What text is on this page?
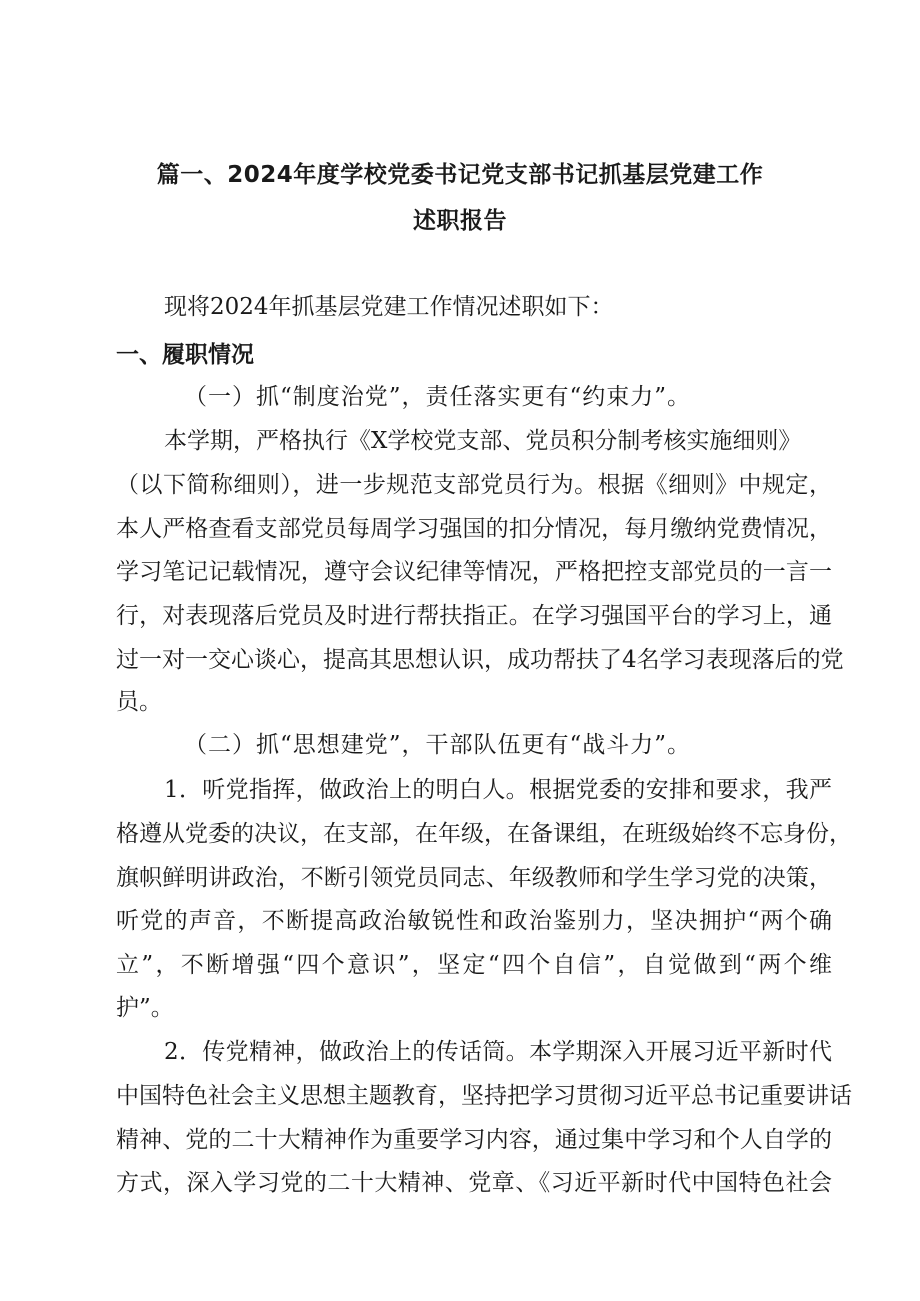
篇一、2024年度学校党委书记党支部书记抓基层党建工作
述职报告
现将2024年抓基层党建工作情况述职如下：
一、履职情况
（一）抓“制度治党”，责任落实更有“约束力”。
本学期，严格执行《X学校党支部、党员积分制考核实施细则》
（以下简称细则），进一步规范支部党员行为。根据《细则》中规定，
本人严格查看支部党员每周学习强国的扣分情况，每月缴纳党费情况，
学习笔记记载情况，遵守会议纪律等情况，严格把控支部党员的一言一
行，对表现落后党员及时进行帮扶指正。在学习强国平台的学习上，通
过一对一交心谈心，提高其思想认识，成功帮扶了4名学习表现落后的党
员。
（二）抓“思想建党”，干部队伍更有“战斗力”。
1．听党指挥，做政治上的明白人。根据党委的安排和要求，我严
格遵从党委的决议，在支部，在年级，在备课组，在班级始终不忘身份，
旗帜鲜明讲政治，不断引领党员同志、年级教师和学生学习党的决策，
听党的声音，不断提高政治敏锐性和政治鉴别力，坚决拥护“两个确
立”，不断增强“四个意识”，坚定“四个自信”，自觉做到“两个维
护”。
2．传党精神，做政治上的传话筒。本学期深入开展习近平新时代
中国特色社会主义思想主题教育，坚持把学习贯彻习近平总书记重要讲话
精神、党的二十大精神作为重要学习内容，通过集中学习和个人自学的
方式，深入学习党的二十大精神、党章、《习近平新时代中国特色社会
